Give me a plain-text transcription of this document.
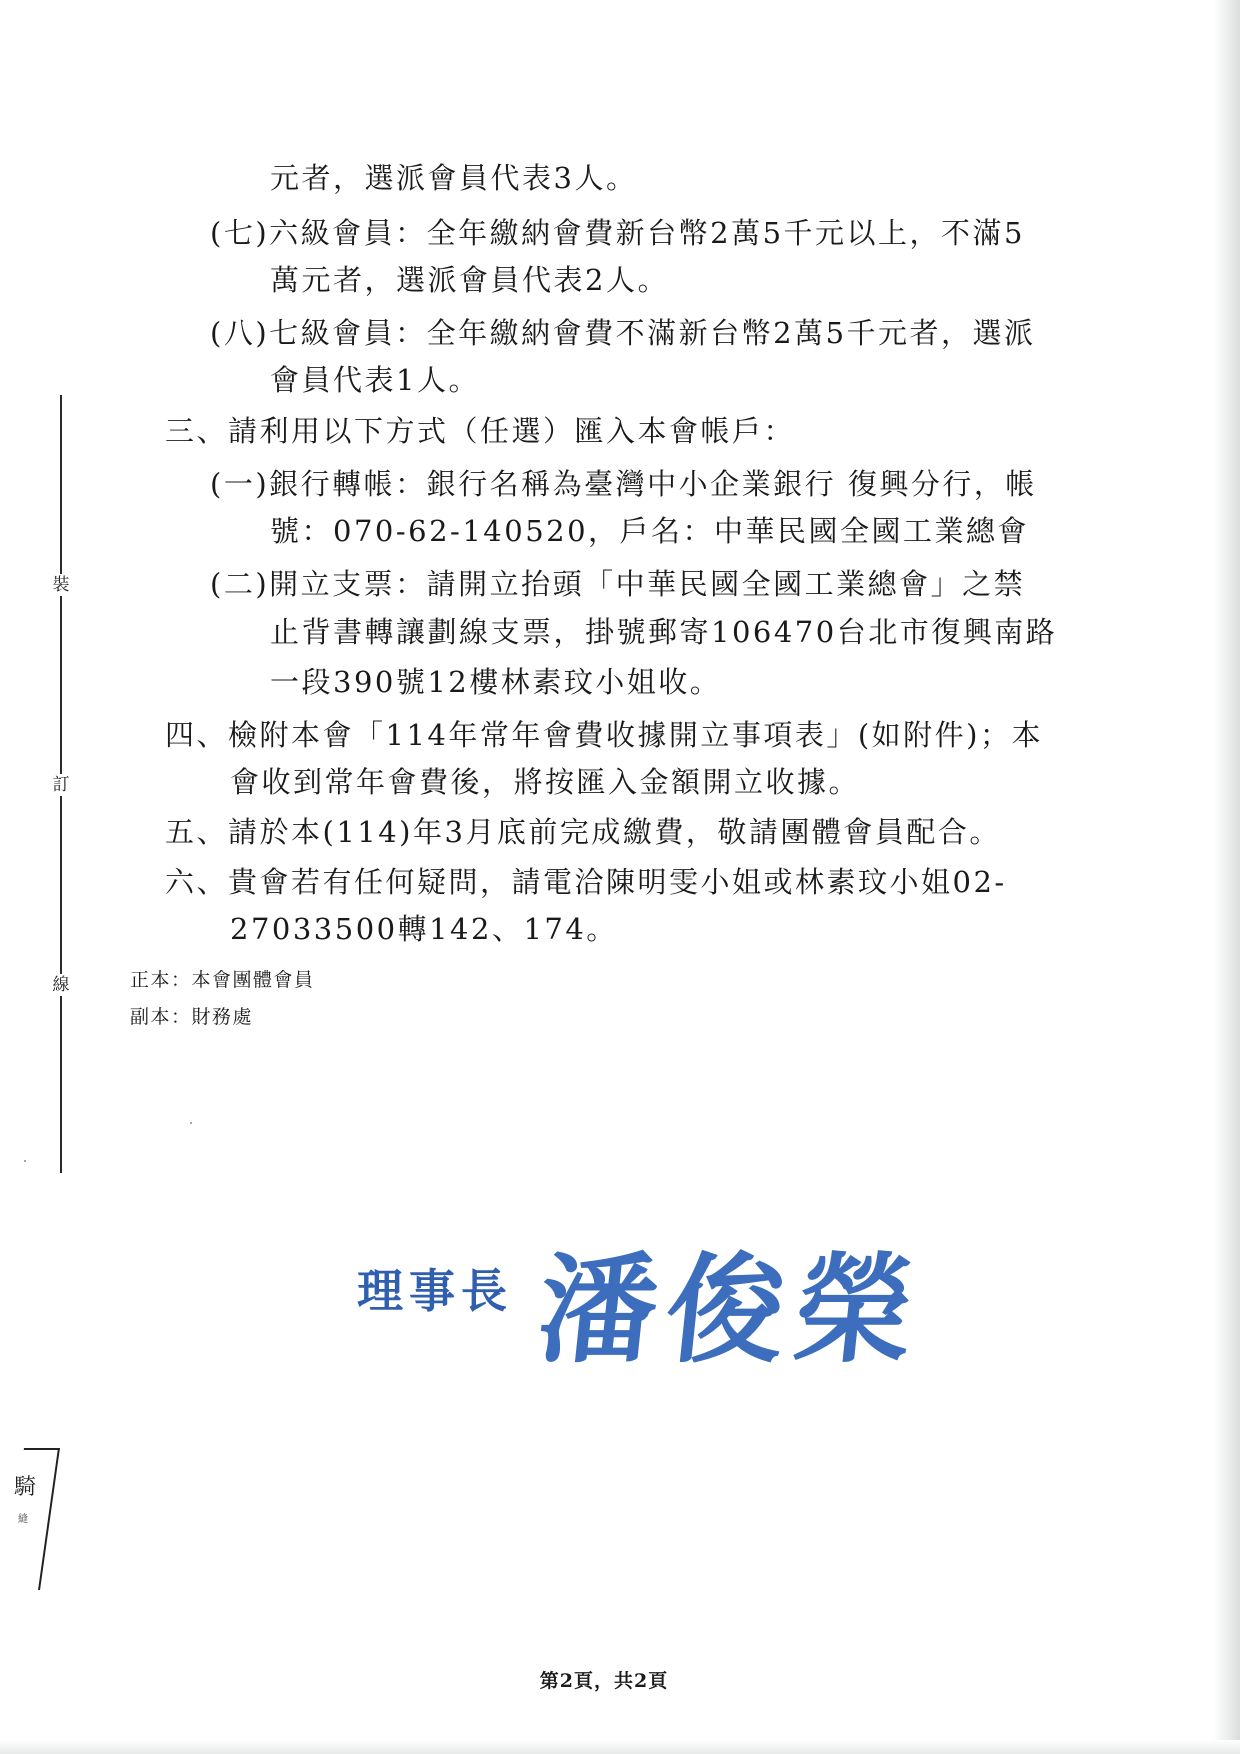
裝
訂
線
元者，選派會員代表3人。
(七)六級會員：全年繳納會費新台幣2萬5千元以上，不滿5
萬元者，選派會員代表2人。
(八)七級會員：全年繳納會費不滿新台幣2萬5千元者，選派
會員代表1人。
三、請利用以下方式（任選）匯入本會帳戶：
(一)銀行轉帳：銀行名稱為臺灣中小企業銀行 復興分行，帳
號：070-62-140520，戶名：中華民國全國工業總會
(二)開立支票：請開立抬頭「中華民國全國工業總會」之禁
止背書轉讓劃線支票，掛號郵寄106470台北市復興南路
一段390號12樓林素玟小姐收。
四、檢附本會「114年常年會費收據開立事項表」(如附件)；本
會收到常年會費後，將按匯入金額開立收據。
五、請於本(114)年3月底前完成繳費，敬請團體會員配合。
六、貴會若有任何疑問，請電洽陳明雯小姐或林素玟小姐02-
27033500轉142、174。
正本：本會團體會員
副本：財務處
理事長 潘俊榮
騎
縫
第2頁，共2頁
